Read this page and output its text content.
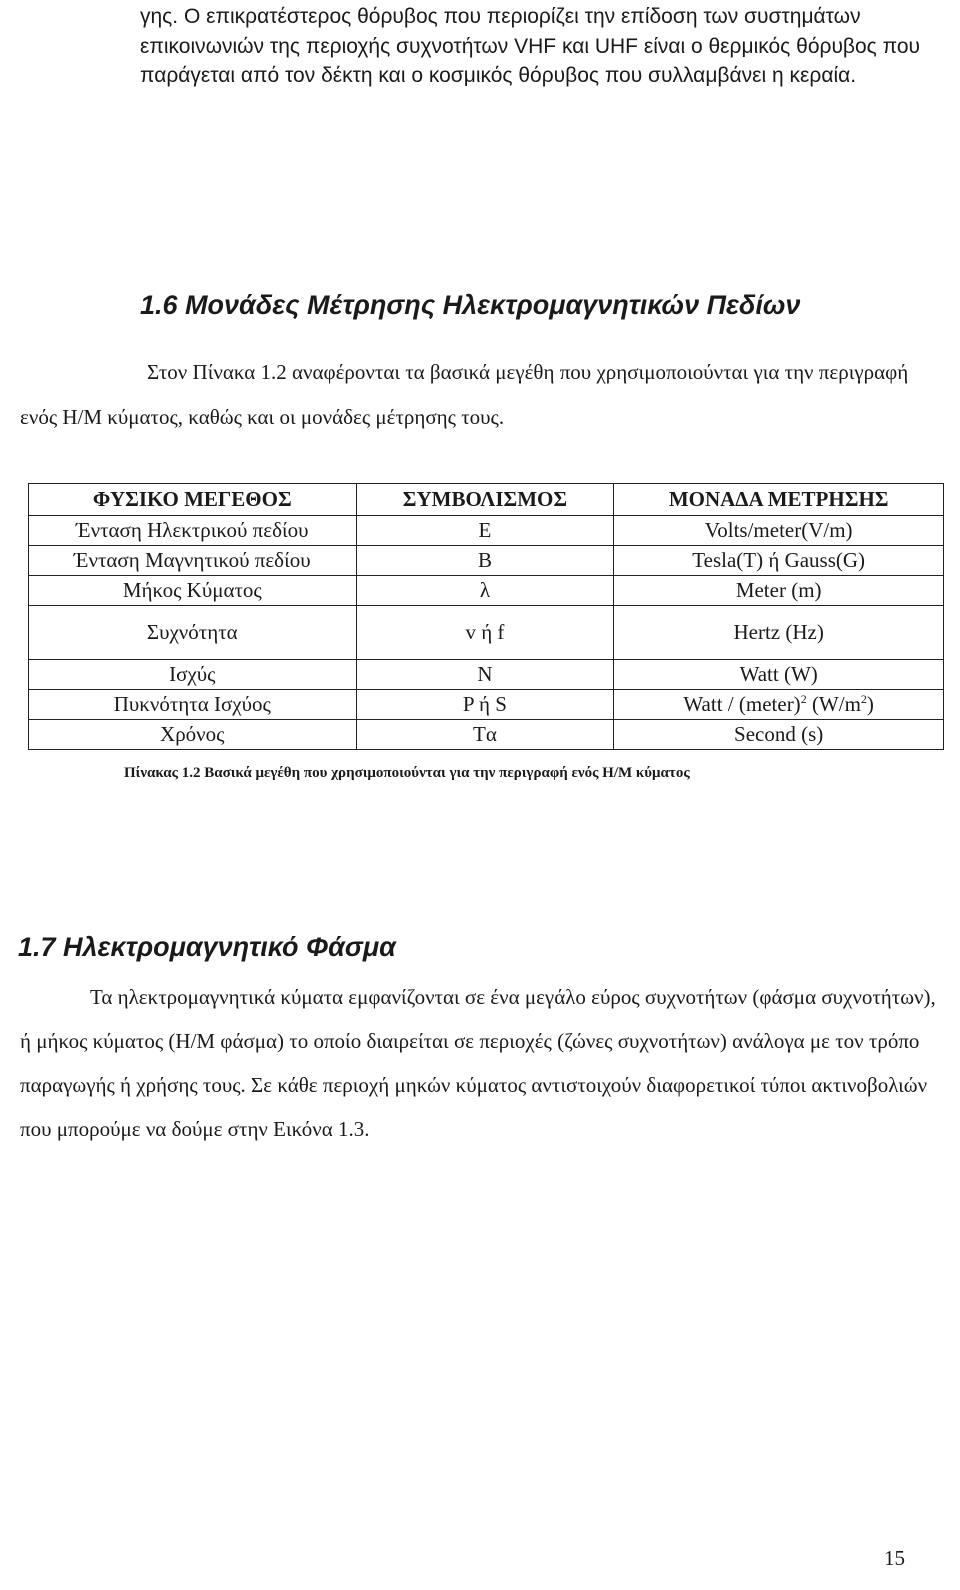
γης. Ο επικρατέστερος θόρυβος που περιορίζει την επίδοση των συστημάτων επικοινωνιών της περιοχής συχνοτήτων VHF και UHF είναι ο θερμικός θόρυβος που παράγεται από τον δέκτη και ο κοσμικός θόρυβος που συλλαμβάνει η κεραία.

1.6 Μονάδες Μέτρησης Ηλεκτρομαγνητικών Πεδίων

Στον Πίνακα 1.2 αναφέρονται τα βασικά μεγέθη που χρησιμοποιούνται για την περιγραφή ενός Η/Μ κύματος, καθώς και οι μονάδες μέτρησης τους.

ΦΥΣΙΚΟ ΜΕΓΕΘΟΣ	ΣΥΜΒΟΛΙΣΜΟΣ	ΜΟΝΑΔΑ ΜΕΤΡΗΣΗΣ
Ένταση Ηλεκτρικού πεδίου	E	Volts/meter(V/m)
Ένταση Μαγνητικού πεδίου	B	Tesla(T) ή Gauss(G)
Μήκος Κύματος	λ	Meter (m)
Συχνότητα	v ή f	Hertz (Hz)
Ισχύς	N	Watt (W)
Πυκνότητα Ισχύος	P ή S	Watt / (meter)$^2$ $(W/m^2)$
Χρόνος	Tα	Second (s)

Πίνακας 1.2 Βασικά μεγέθη που χρησιμοποιούνται για την περιγραφή ενός Η/Μ κύματος

1.7 Ηλεκτρομαγνητικό Φάσμα

Τα ηλεκτρομαγνητικά κύματα εμφανίζονται σε ένα μεγάλο εύρος συχνοτήτων (φάσμα συχνοτήτων), ή μήκος κύματος (Η/Μ φάσμα) το οποίο διαιρείται σε περιοχές (ζώνες συχνοτήτων) ανάλογα με τον τρόπο παραγωγής ή χρήσης τους. Σε κάθε περιοχή μηκών κύματος αντιστοιχούν διαφορετικοί τύποι ακτινοβολιών που μπορούμε να δούμε στην Εικόνα 1.3.

15
